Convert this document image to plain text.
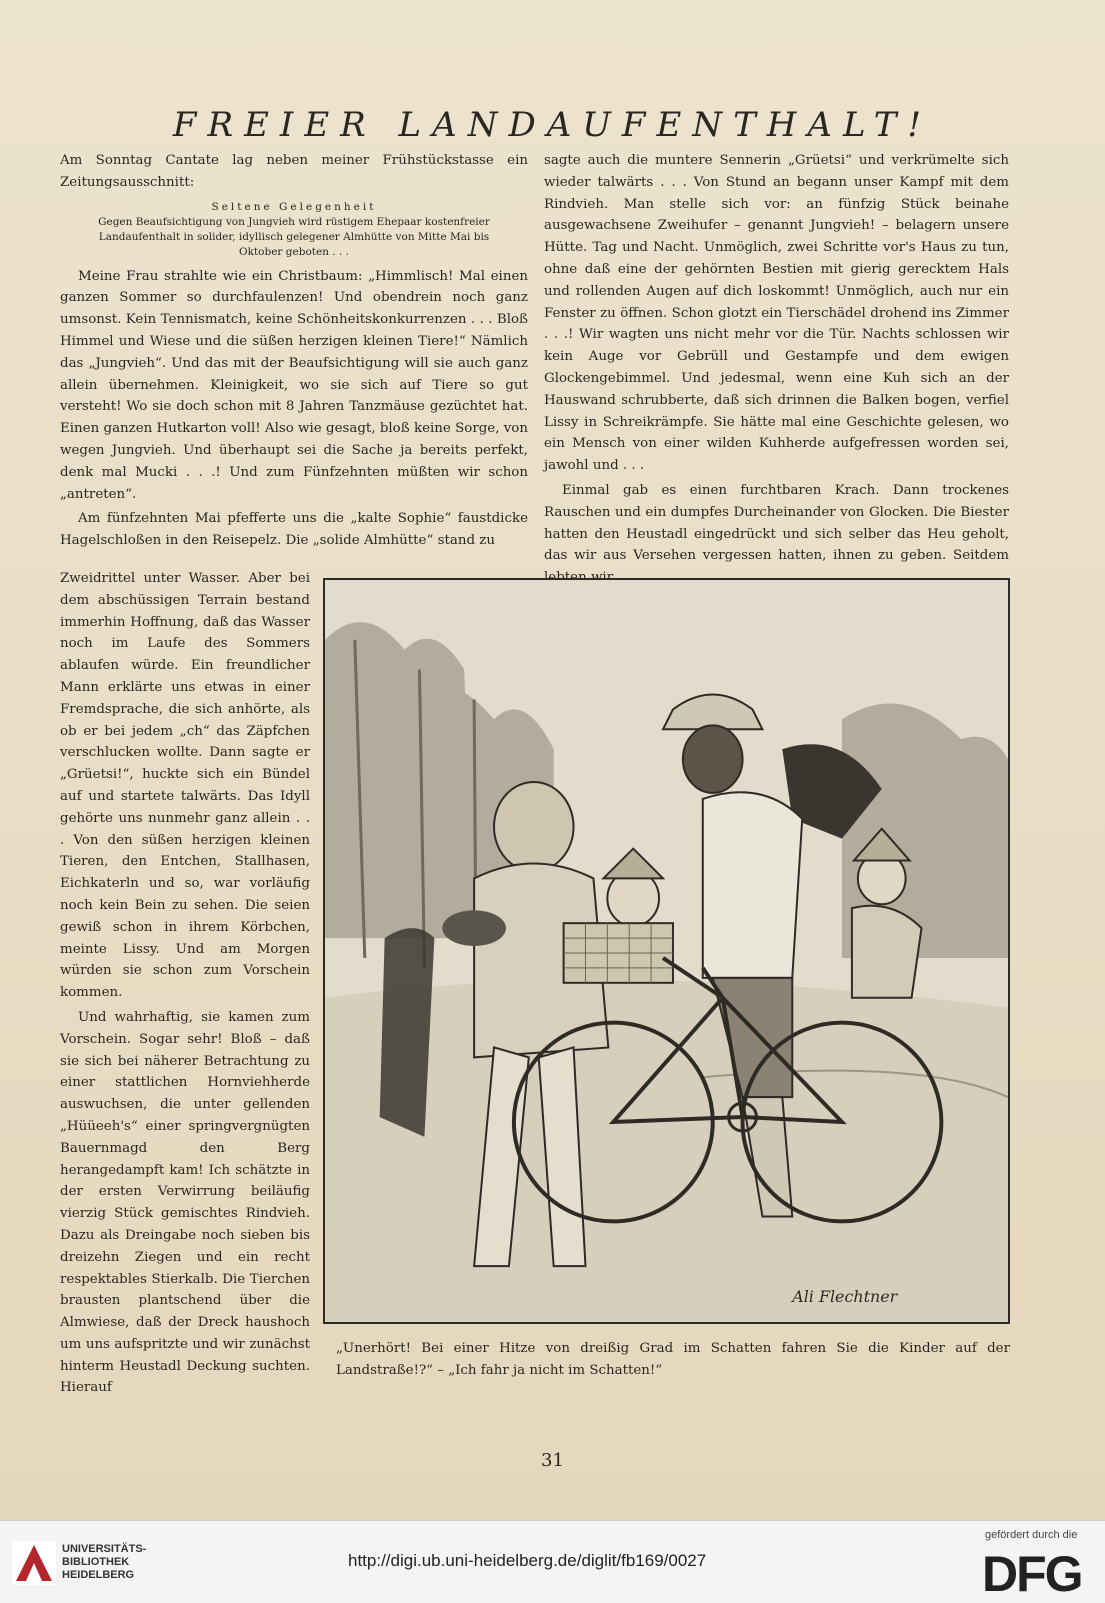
FREIER LANDAUFENTHALT!

Am Sonntag Cantate lag neben meiner Frühstückstasse ein Zeitungsausschnitt:

Seltene Gelegenheit
Gegen Beaufsichtigung von Jungvieh wird rüstigem Ehepaar kostenfreier Landaufenthalt in solider, idyllisch gelegener Almhütte von Mitte Mai bis Oktober geboten . . .

Meine Frau strahlte wie ein Christbaum: „Himmlisch! Mal einen ganzen Sommer so durchfaulenzen! Und obendrein noch ganz umsonst. Kein Tennismatch, keine Schönheitskonkurrenzen . . . Bloß Himmel und Wiese und die süßen herzigen kleinen Tiere!“ Nämlich das „Jungvieh“. Und das mit der Beaufsichtigung will sie auch ganz allein übernehmen. Kleinigkeit, wo sie sich auf Tiere so gut versteht! Wo sie doch schon mit 8 Jahren Tanzmäuse gezüchtet hat. Einen ganzen Hutkarton voll! Also wie gesagt, bloß keine Sorge, von wegen Jungvieh. Und überhaupt sei die Sache ja bereits perfekt, denk mal Mucki . . .! Und zum Fünfzehnten müßten wir schon „antreten“.

Am fünfzehnten Mai pfefferte uns die „kalte Sophie“ faustdicke Hagelschloßen in den Reisepelz. Die „solide Almhütte“ stand zu

Zweidrittel unter Wasser. Aber bei dem abschüssigen Terrain bestand immerhin Hoffnung, daß das Wasser noch im Laufe des Sommers ablaufen würde. Ein freundlicher Mann erklärte uns etwas in einer Fremdsprache, die sich anhörte, als ob er bei jedem „ch“ das Zäpfchen verschlucken wollte. Dann sagte er „Grüetsi!“, huckte sich ein Bündel auf und startete talwärts. Das Idyll gehörte uns nunmehr ganz allein . . . Von den süßen herzigen kleinen Tieren, den Entchen, Stallhasen, Eichkaterln und so, war vorläufig noch kein Bein zu sehen. Die seien gewiß schon in ihrem Körbchen, meinte Lissy. Und am Morgen würden sie schon zum Vorschein kommen.

Und wahrhaftig, sie kamen zum Vorschein. Sogar sehr! Bloß – daß sie sich bei näherer Betrachtung zu einer stattlichen Hornviehherde auswuchsen, die unter gellenden „Hüüeeh's“ einer springvergnügten Bauernmagd den Berg herangedampft kam! Ich schätzte in der ersten Verwirrung beiläufig vierzig Stück gemischtes Rindvieh. Dazu als Dreingabe noch sieben bis dreizehn Ziegen und ein recht respektables Stierkalb. Die Tierchen brausten plantschend über die Almwiese, daß der Dreck haushoch um uns aufspritzte und wir zunächst hinterm Heustadl Deckung suchten. Hierauf

sagte auch die muntere Sennerin „Grüetsi“ und verkrümelte sich wieder talwärts . . . Von Stund an begann unser Kampf mit dem Rindvieh. Man stelle sich vor: an fünfzig Stück beinahe ausgewachsene Zweihufer – genannt Jungvieh! – belagern unsere Hütte. Tag und Nacht. Unmöglich, zwei Schritte vor's Haus zu tun, ohne daß eine der gehörnten Bestien mit gierig gerecktem Hals und rollenden Augen auf dich loskommt! Unmöglich, auch nur ein Fenster zu öffnen. Schon glotzt ein Tierschädel drohend ins Zimmer . . .! Wir wagten uns nicht mehr vor die Tür. Nachts schlossen wir kein Auge vor Gebrüll und Gestampfe und dem ewigen Glockengebimmel. Und jedesmal, wenn eine Kuh sich an der Hauswand schrubberte, daß sich drinnen die Balken bogen, verfiel Lissy in Schreikrämpfe. Sie hätte mal eine Geschichte gelesen, wo ein Mensch von einer wilden Kuhherde aufgefressen worden sei, jawohl und . . .

Einmal gab es einen furchtbaren Krach. Dann trockenes Rauschen und ein dumpfes Durcheinander von Glocken. Die Biester hatten den Heustadl eingedrückt und sich selber das Heu geholt, das wir aus Versehen vergessen hatten, ihnen zu geben. Seitdem

Ali Flechtner
„Unerhört! Bei einer Hitze von dreißig Grad im Schatten fahren Sie die Kinder auf der Landstraße!?“ – „Ich fahr ja nicht im Schatten!“
31
UNIVERSITÄTS-
BIBLIOTHEK
HEIDELBERG
http://digi.ub.uni-heidelberg.de/diglit/fb169/0027
gefördert durch die
DFG
